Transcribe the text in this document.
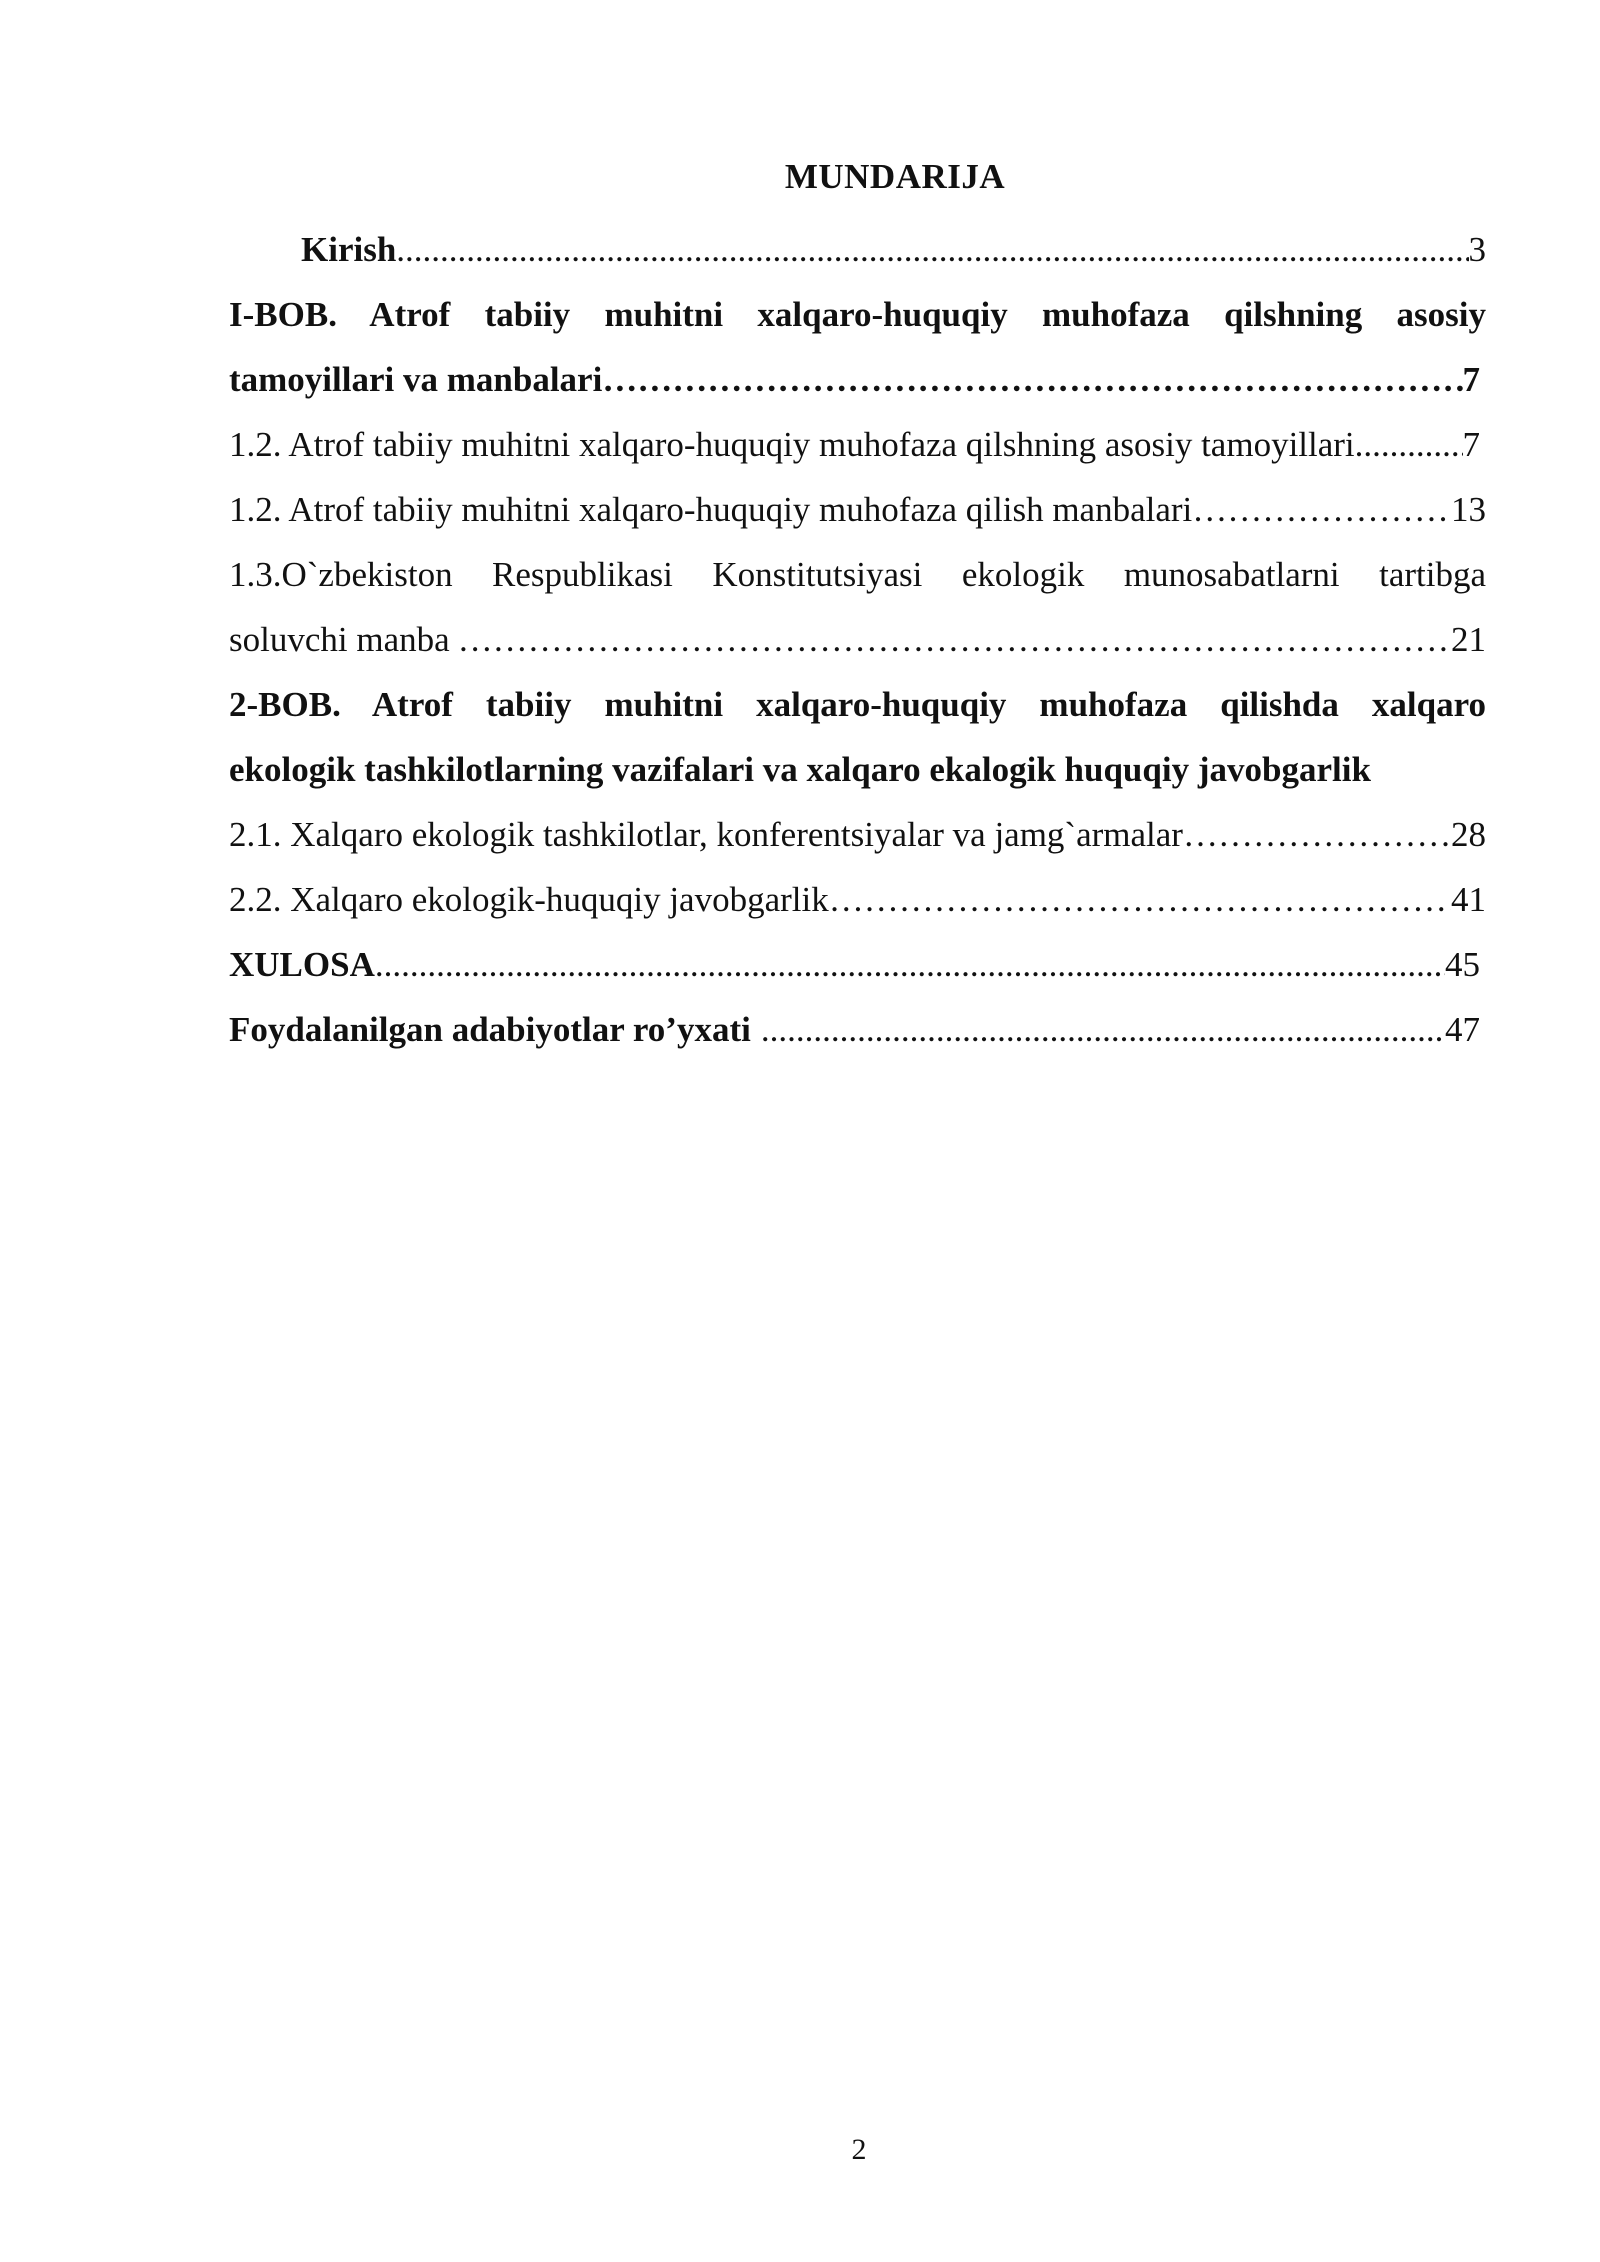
MUNDARIJA
Kirish .....	3
I-BOB. Atrof tabiiy muhitni xalqaro-huquqiy muhofaza qilshning asosiy
tamoyillari va manbalari ………………………………………………………………………………………………………………………………………………………………………………………………………………………………	7
1.2. Atrof tabiiy muhitni xalqaro-huquqiy muhofaza qilshning asosiy tamoyillari .....	7
1.2. Atrof tabiiy muhitni xalqaro-huquqiy muhofaza qilish manbalari ………………………………………………………………………………………………………………………………………………………………………………………………………………………………	13
1.3.O`zbekiston Respublikasi Konstitutsiyasi ekologik munosabatlarni tartibga
soluvchi manba ………………………………………………………………………………………………………………………………………………………………………………………………………………………………	21
2-BOB. Atrof tabiiy muhitni xalqaro-huquqiy muhofaza qilishda xalqaro
ekologik tashkilotlarning vazifalari va xalqaro ekalogik huquqiy javobgarlik
2.1. Xalqaro ekologik tashkilotlar, konferentsiyalar va jamg`armalar ………………………………………………………………………………………………………………………………………………………………………………………………………………………………	28
2.2. Xalqaro ekologik-huquqiy javobgarlik ………………………………………………………………………………………………………………………………………………………………………………………………………………………………	41
XULOSA .....	45
Foydalanilgan adabiyotlar ro’yxati .....	47
2
